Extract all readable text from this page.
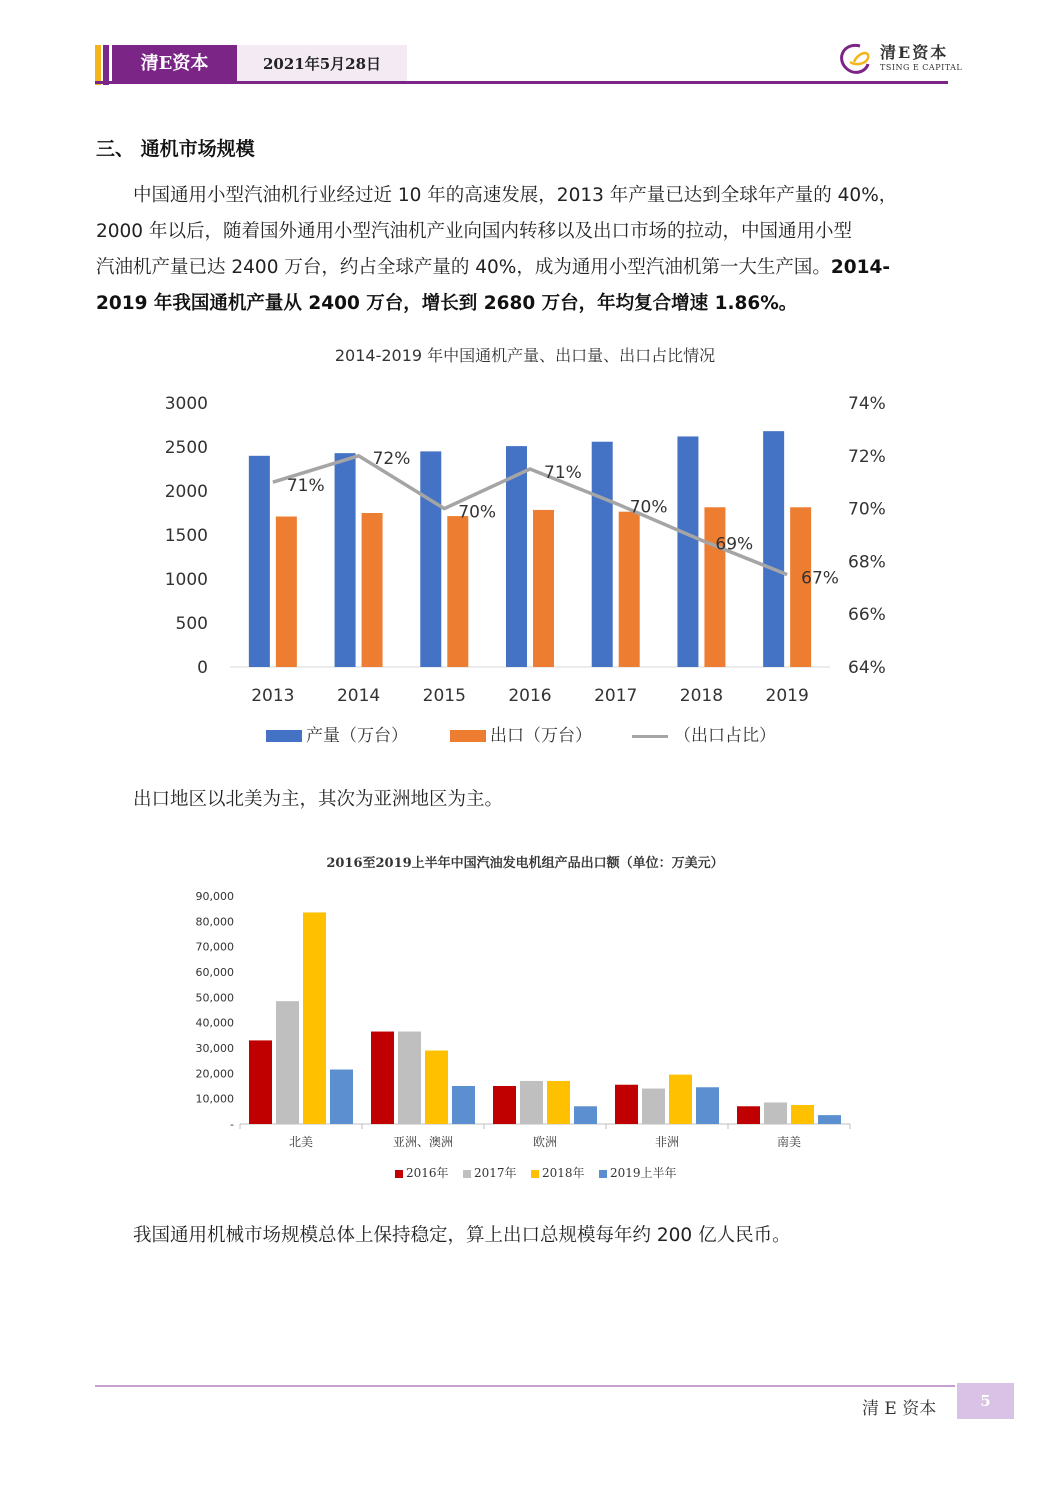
清E资本	2021年5月28日
清E资本
TSING E CAPITAL
三、 通机市场规模

中国通用小型汽油机行业经过近 10 年的高速发展，2013 年产量已达到全球年产量的 40%，

2000 年以后，随着国外通用小型汽油机产业向国内转移以及出口市场的拉动，中国通用小型

汽油机产量已达 2400 万台，约占全球产量的 40%，成为通用小型汽油机第一大生产国。2014-

2019 年我国通机产量从 2400 万台，增长到 2680 万台，年均复合增速 1.86%。

2014-2019 年中国通机产量、出口量、出口占比情况
0
500
1000
1500
2000
2500
3000
64%
66%
68%
70%
72%
74%
2013 2014 2015 2016 2017 2018 2019
71%
72%
70%
71%
70%
69%
67%
产量（万台）	出口（万台）	（出口占比）
出口地区以北美为主，其次为亚洲地区为主。
2016至2019上半年中国汽油发电机组产品出口额（单位：万美元）
-
10,000
20,000
30,000
40,000
50,000
60,000
70,000
80,000
90,000
北美	亚洲、澳洲	欧洲	非洲	南美
2016年	2017年	2018年	2019上半年
我国通用机械市场规模总体上保持稳定，算上出口总规模每年约 200 亿人民币。
清 E 资本	5
